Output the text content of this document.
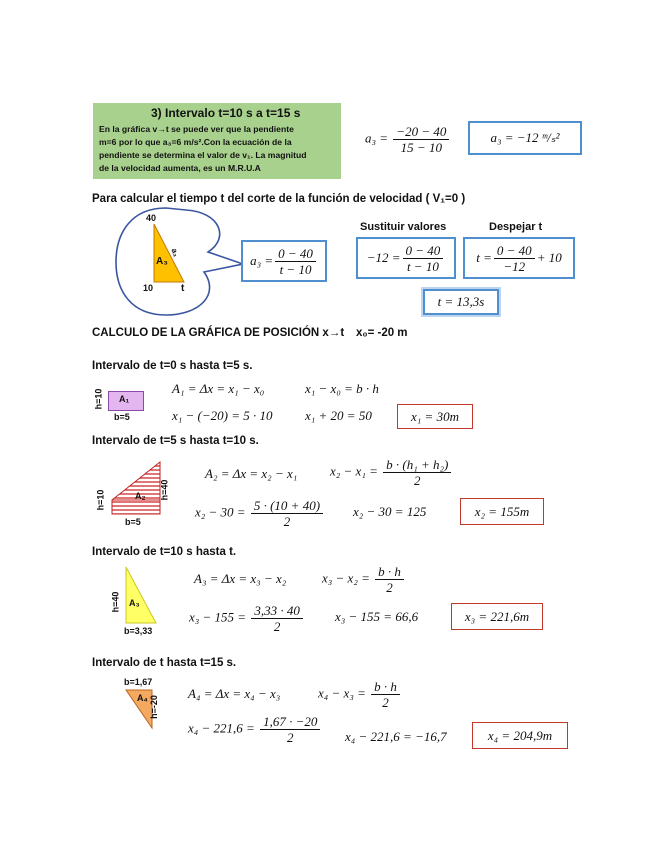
3) Intervalo t=10 s a t=15 s
En la gráfica v→t se puede ver que la pendiente
m=6 por lo que a₃=6 m/s².Con la ecuación de la
pendiente se determina el valor de v₁. La magnitud
de la velocidad aumenta, es un M.R.U.A
$a_3 = \frac{-20 - 40}{15 - 10}$	a₃ = −12 ᵐ/ₛ²
Para calcular el tiempo t del corte de la función de velocidad ( V₁=0 )
40
10	t
A₃
a₃
$a_3 = \frac{0 - 40}{t - 10}$
Sustituir valores	Despejar t
$-12 = \frac{0 - 40}{t - 10}$	$t = \frac{0 - 40}{-12} + 10$
t = 13,3s
CALCULO DE LA GRÁFICA DE POSICIÓN x→t x₀= -20 m
Intervalo de t=0 s hasta t=5 s.
A₁
h=10
b=5
A₁ = Δx = x₁ − x₀	x₁ − x₀ = b · h
x₁ − (−20) = 5 · 10 x₁ + 20 = 50	x₁ = 30m
Intervalo de t=5 s hasta t=10 s.
A₂
h=10	h=40
b=5
A₂ = Δx = x₂ − x₁	$x_2 - x_1 = \frac{\text{b · (h₁ + h₂)}}{2}$
$x_2 - 30 = \frac{5 \cdot (10 + 40)}{2} x_2 - 30 = 125$	x₂ = 155m
Intervalo de t=10 s hasta t.
A₃
h=40
b=3,33
A₃ = Δx = x₃ − x₂	$x_3 - x_2 = \frac{b \cdot h}{2}$
$x_3 - 155 = \frac{3,33 \cdot 40}{2} x_3 - 155 = 66,6$	x₃ = 221,6m
Intervalo de t hasta t=15 s.
b=1,67
A₄ h=-20
A₄ = Δx = x₄ − x₃	$x_4 - x_3 = \frac{b \cdot h}{2}$
$x_4 - 221,6 = \frac{1,67 \cdot -20}{2} x_4 - 221,6 = -16,7$	x₄ = 204,9m
